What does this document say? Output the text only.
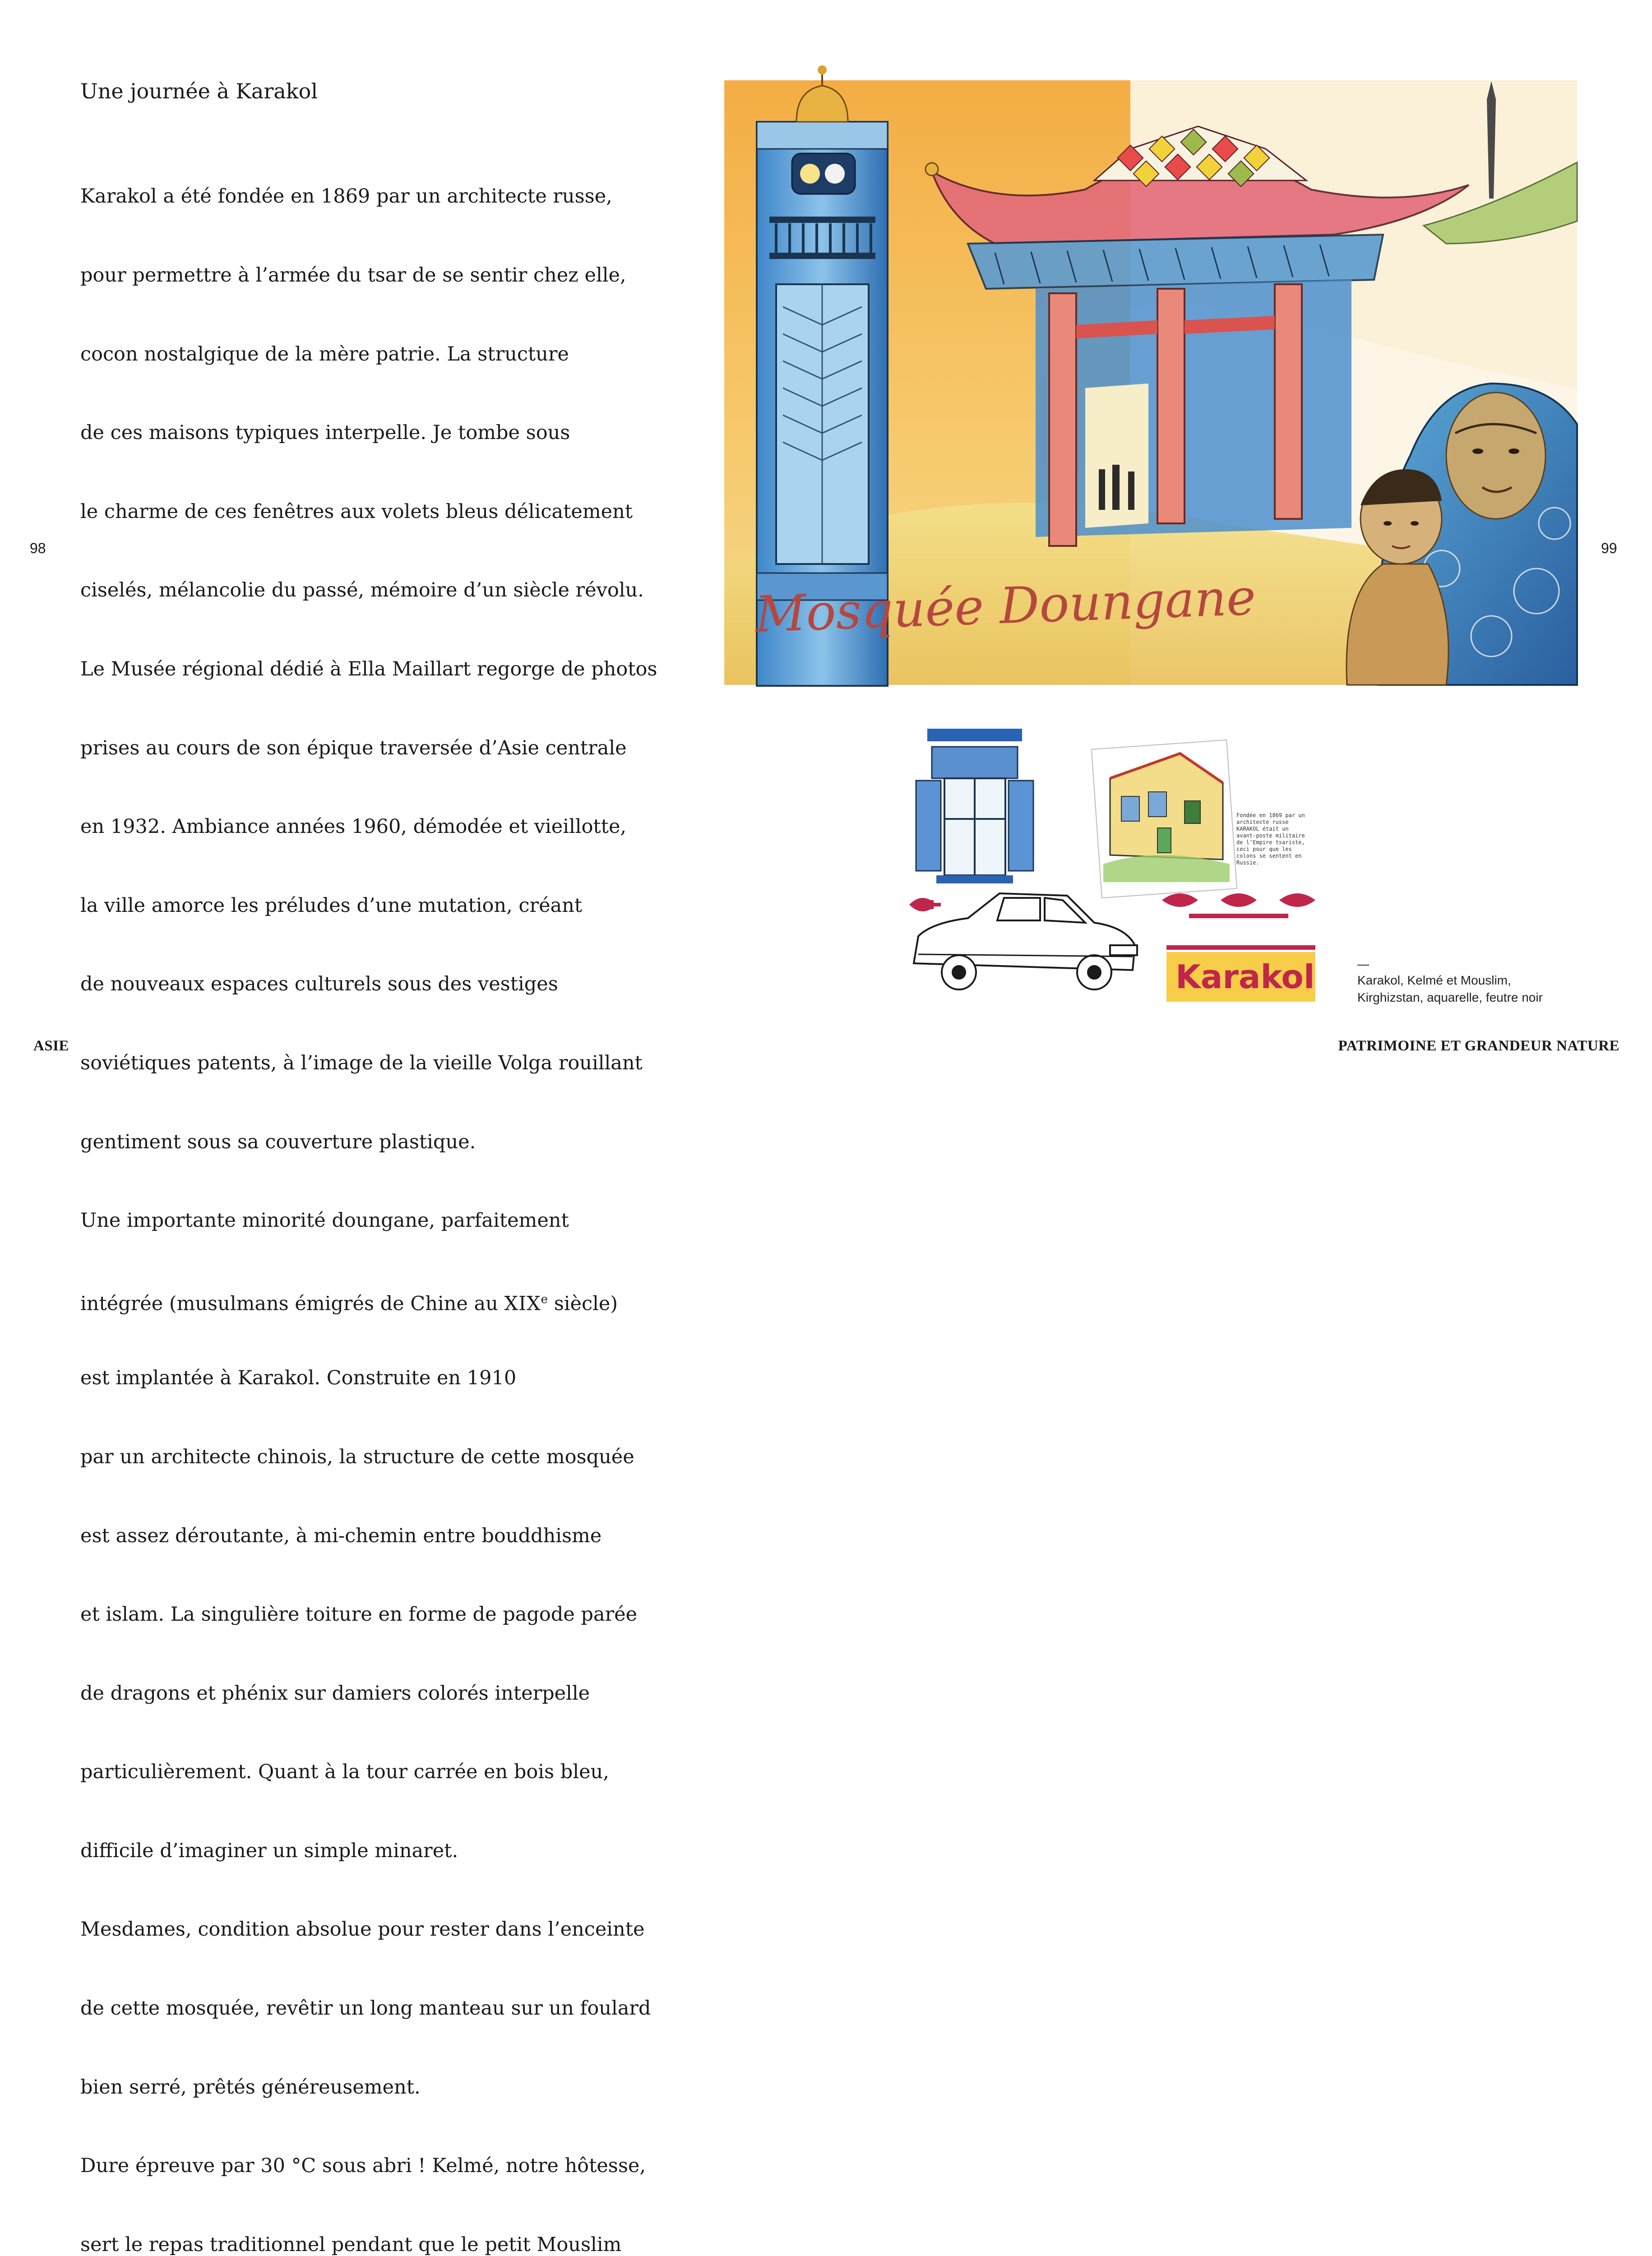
Une journée à Karakol

Karakol a été fondée en 1869 par un architecte russe,

pour permettre à l’armée du tsar de se sentir chez elle,

cocon nostalgique de la mère patrie. La structure

de ces maisons typiques interpelle. Je tombe sous

le charme de ces fenêtres aux volets bleus délicatement

ciselés, mélancolie du passé, mémoire d’un siècle révolu.

Le Musée régional dédié à Ella Maillart regorge de photos

prises au cours de son épique traversée d’Asie centrale

en 1932. Ambiance années 1960, démodée et vieillotte,

la ville amorce les préludes d’une mutation, créant

de nouveaux espaces culturels sous des vestiges

soviétiques patents, à l’image de la vieille Volga rouillant

gentiment sous sa couverture plastique.

Une importante minorité doungane, parfaitement

intégrée (musulmans émigrés de Chine au XIXe siècle)

est implantée à Karakol. Construite en 1910

par un architecte chinois, la structure de cette mosquée

est assez déroutante, à mi-chemin entre bouddhisme

et islam. La singulière toiture en forme de pagode parée

de dragons et phénix sur damiers colorés interpelle

particulièrement. Quant à la tour carrée en bois bleu,

difficile d’imaginer un simple minaret.

Mesdames, condition absolue pour rester dans l’enceinte

de cette mosquée, revêtir un long manteau sur un foulard

bien serré, prêtés généreusement.

Dure épreuve par 30 °C sous abri ! Kelmé, notre hôtesse,

sert le repas traditionnel pendant que le petit Mouslim

98
ASIE
Mosquée Doungane
Fondée en 1869 par un architecte russe KARAKOL était un avant-poste militaire de l’Empire tsariste, ceci pour que les colons se sentent en Russie.
Karakol
99
Karakol, Kelmé et Mouslim,
Kirghizstan, aquarelle, feutre noir
PATRIMOINE ET GRANDEUR NATURE
